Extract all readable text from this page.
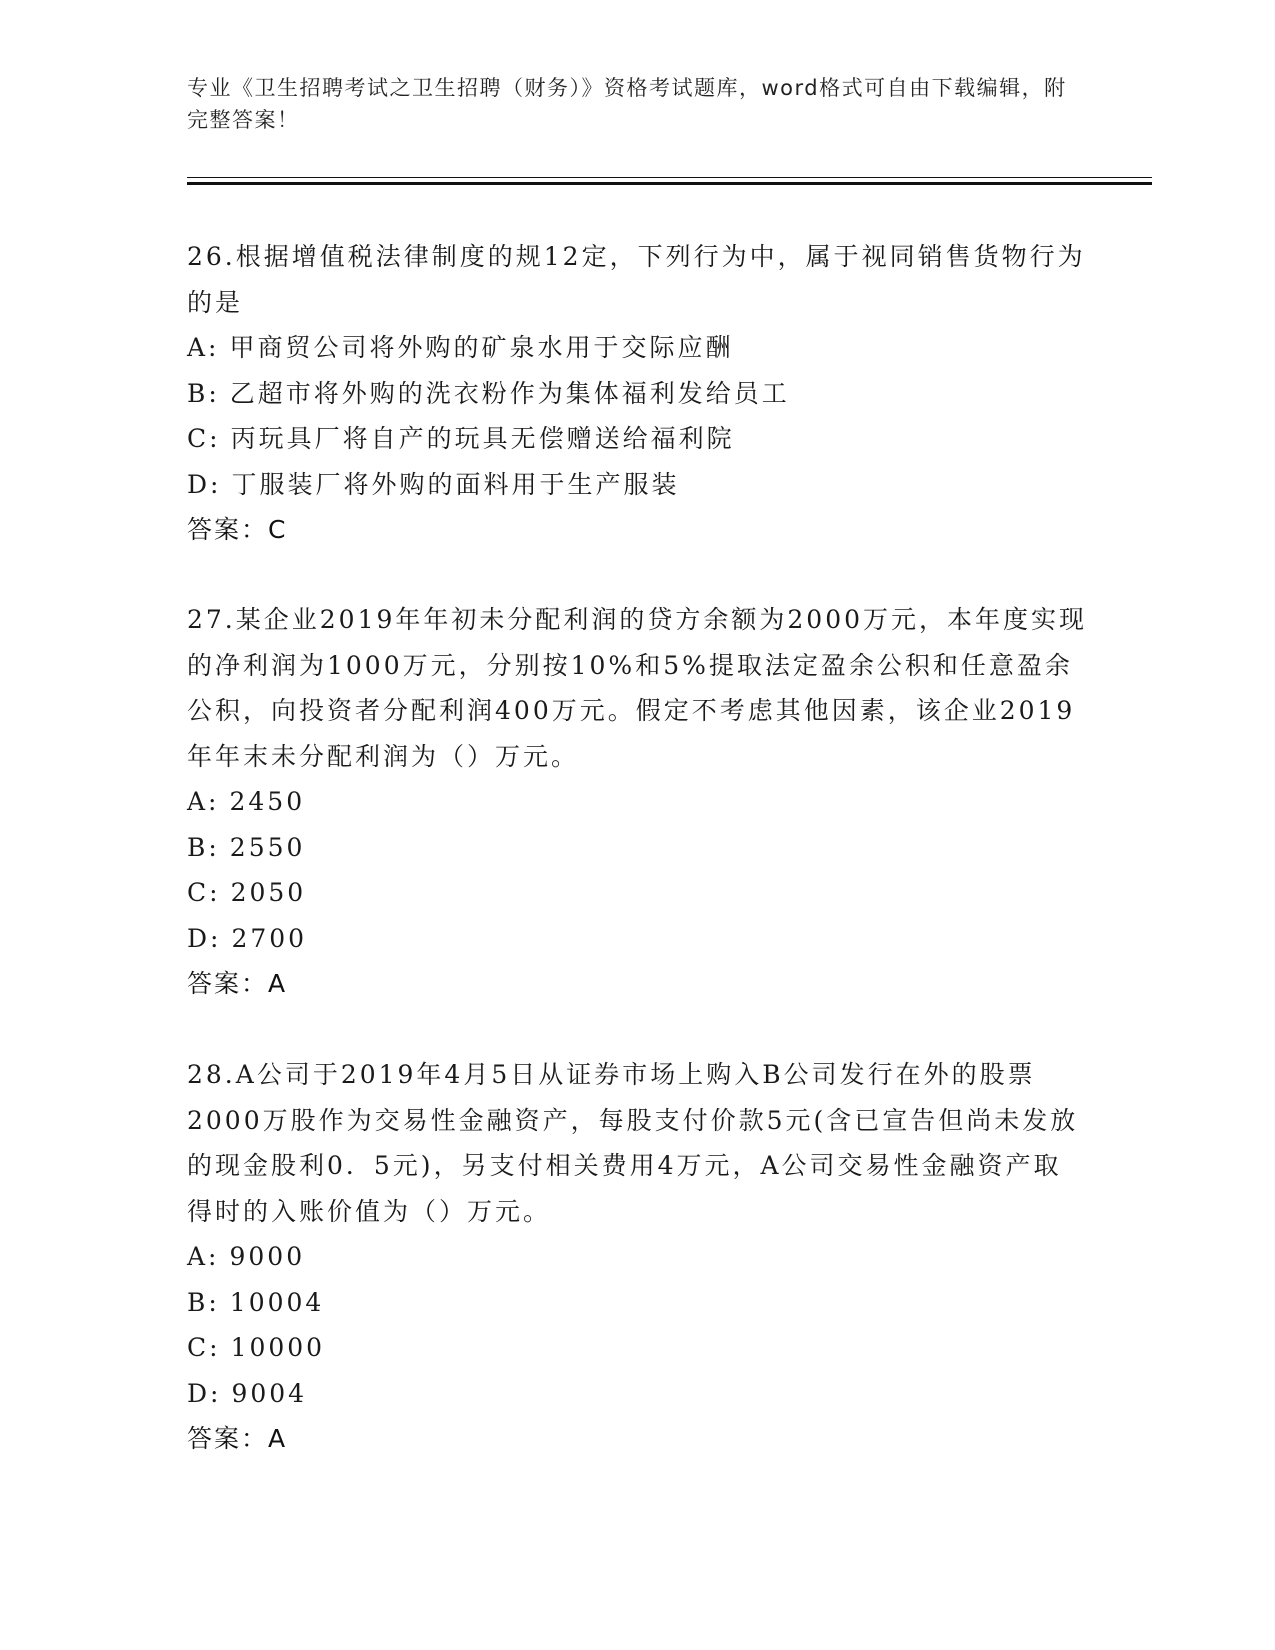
专业《卫生招聘考试之卫生招聘（财务）》资格考试题库，word格式可自由下载编辑，附完整答案！

26.根据增值税法律制度的规12定，下列行为中，属于视同销售货物行为的是

A: 甲商贸公司将外购的矿泉水用于交际应酬

B: 乙超市将外购的洗衣粉作为集体福利发给员工

C: 丙玩具厂将自产的玩具无偿赠送给福利院

D: 丁服装厂将外购的面料用于生产服装

答案：C

27.某企业2019年年初未分配利润的贷方余额为2000万元，本年度实现的净利润为1000万元，分别按10%和5%提取法定盈余公积和任意盈余公积，向投资者分配利润400万元。假定不考虑其他因素，该企业2019年年末未分配利润为（）万元。

A: 2450

B: 2550

C: 2050

D: 2700

答案：A

28.A公司于2019年4月5日从证券市场上购入B公司发行在外的股票2000万股作为交易性金融资产，每股支付价款5元(含已宣告但尚未发放的现金股利0．5元)，另支付相关费用4万元，A公司交易性金融资产取得时的入账价值为（）万元。

A: 9000

B: 10004

C: 10000

D: 9004

答案：A
